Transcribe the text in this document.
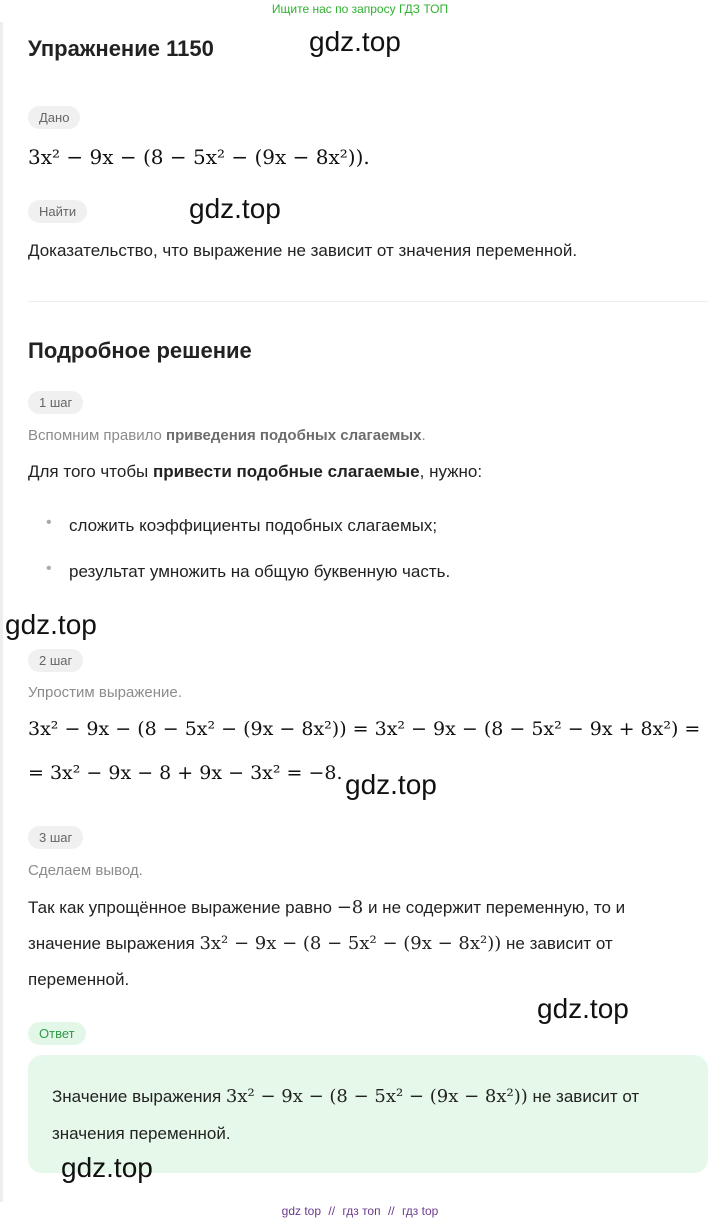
Ищите нас по запросу ГДЗ ТОП
Упражнение 1150	gdz.top
Дано
3x² − 9x − (8 − 5x² − (9x − 8x²)).
Найти	gdz.top
Доказательство, что выражение не зависит от значения переменной.
Подробное решение
1 шаг
Вспомним правило приведения подобных слагаемых.
Для того чтобы привести подобные слагаемые, нужно:
• сложить коэффициенты подобных слагаемых;
• результат умножить на общую буквенную часть.
gdz.top
2 шаг
Упростим выражение.
3x² − 9x − (8 − 5x² − (9x − 8x²)) = 3x² − 9x − (8 − 5x² − 9x + 8x²) =
= 3x² − 9x − 8 + 9x − 3x² = −8. gdz.top
3 шаг
Сделаем вывод.
Так как упрощённое выражение равно −8 и не содержит переменную, то и
значение выражения 3x² − 9x − (8 − 5x² − (9x − 8x²)) не зависит от
переменной.
gdz.top
Ответ
Значение выражения 3x² − 9x − (8 − 5x² − (9x − 8x²)) не зависит от
значения переменной.
gdz.top
gdz top // гдз топ // гдз top
